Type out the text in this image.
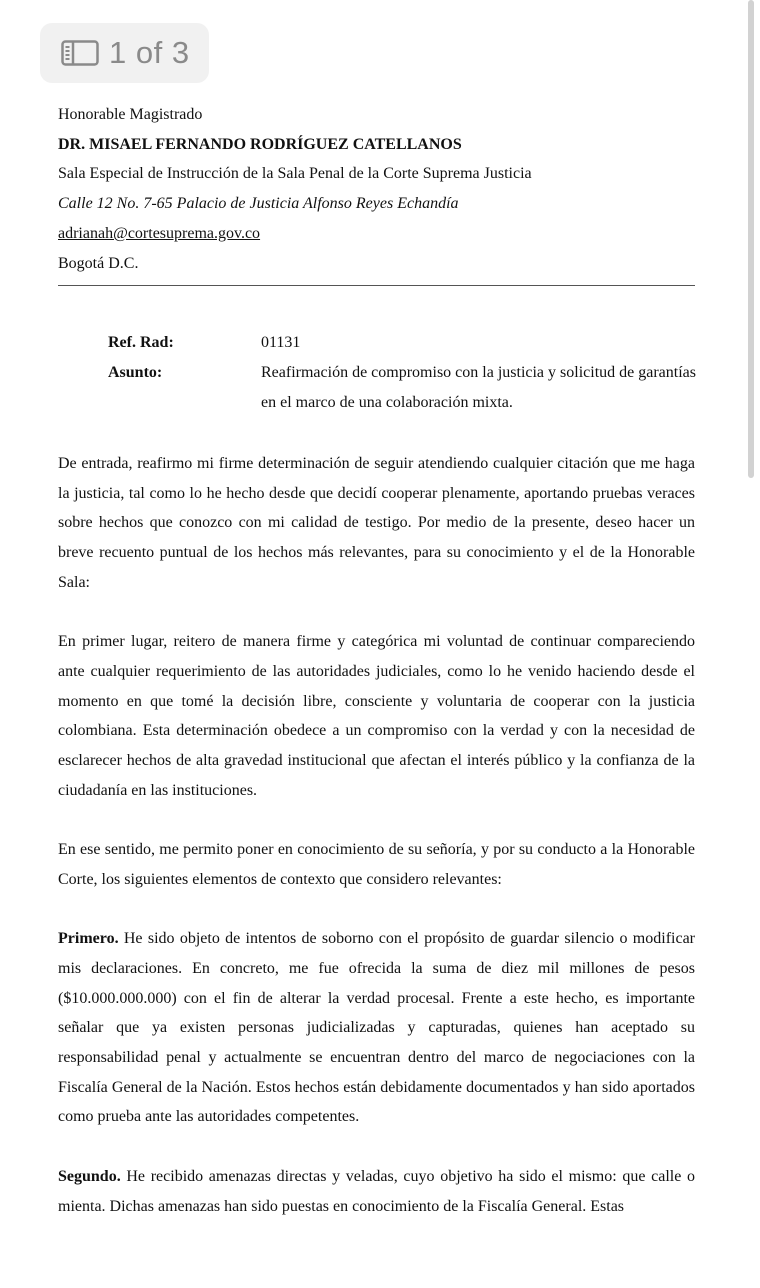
1 of 3
Honorable Magistrado
DR. MISAEL FERNANDO RODRÍGUEZ CATELLANOS
Sala Especial de Instrucción de la Sala Penal de la Corte Suprema Justicia
Calle 12 No. 7-65 Palacio de Justicia Alfonso Reyes Echandía
adrianah@cortesuprema.gov.co
Bogotá D.C.
Ref. Rad:	01131
Asunto:	Reafirmación de compromiso con la justicia y solicitud de garantías en el marco de una colaboración mixta.

De entrada, reafirmo mi firme determinación de seguir atendiendo cualquier citación que me haga la justicia, tal como lo he hecho desde que decidí cooperar plenamente, aportando pruebas veraces sobre hechos que conozco con mi calidad de testigo. Por medio de la presente, deseo hacer un breve recuento puntual de los hechos más relevantes, para su conocimiento y el de la Honorable Sala:

En primer lugar, reitero de manera firme y categórica mi voluntad de continuar compareciendo ante cualquier requerimiento de las autoridades judiciales, como lo he venido haciendo desde el momento en que tomé la decisión libre, consciente y voluntaria de cooperar con la justicia colombiana. Esta determinación obedece a un compromiso con la verdad y con la necesidad de esclarecer hechos de alta gravedad institucional que afectan el interés público y la confianza de la ciudadanía en las instituciones.

En ese sentido, me permito poner en conocimiento de su señoría, y por su conducto a la Honorable Corte, los siguientes elementos de contexto que considero relevantes:

Primero. He sido objeto de intentos de soborno con el propósito de guardar silencio o modificar mis declaraciones. En concreto, me fue ofrecida la suma de diez mil millones de pesos ($10.000.000.000) con el fin de alterar la verdad procesal. Frente a este hecho, es importante señalar que ya existen personas judicializadas y capturadas, quienes han aceptado su responsabilidad penal y actualmente se encuentran dentro del marco de negociaciones con la Fiscalía General de la Nación. Estos hechos están debidamente documentados y han sido aportados como prueba ante las autoridades competentes.

Segundo. He recibido amenazas directas y veladas, cuyo objetivo ha sido el mismo: que calle o mienta. Dichas amenazas han sido puestas en conocimiento de la Fiscalía General. Estas
